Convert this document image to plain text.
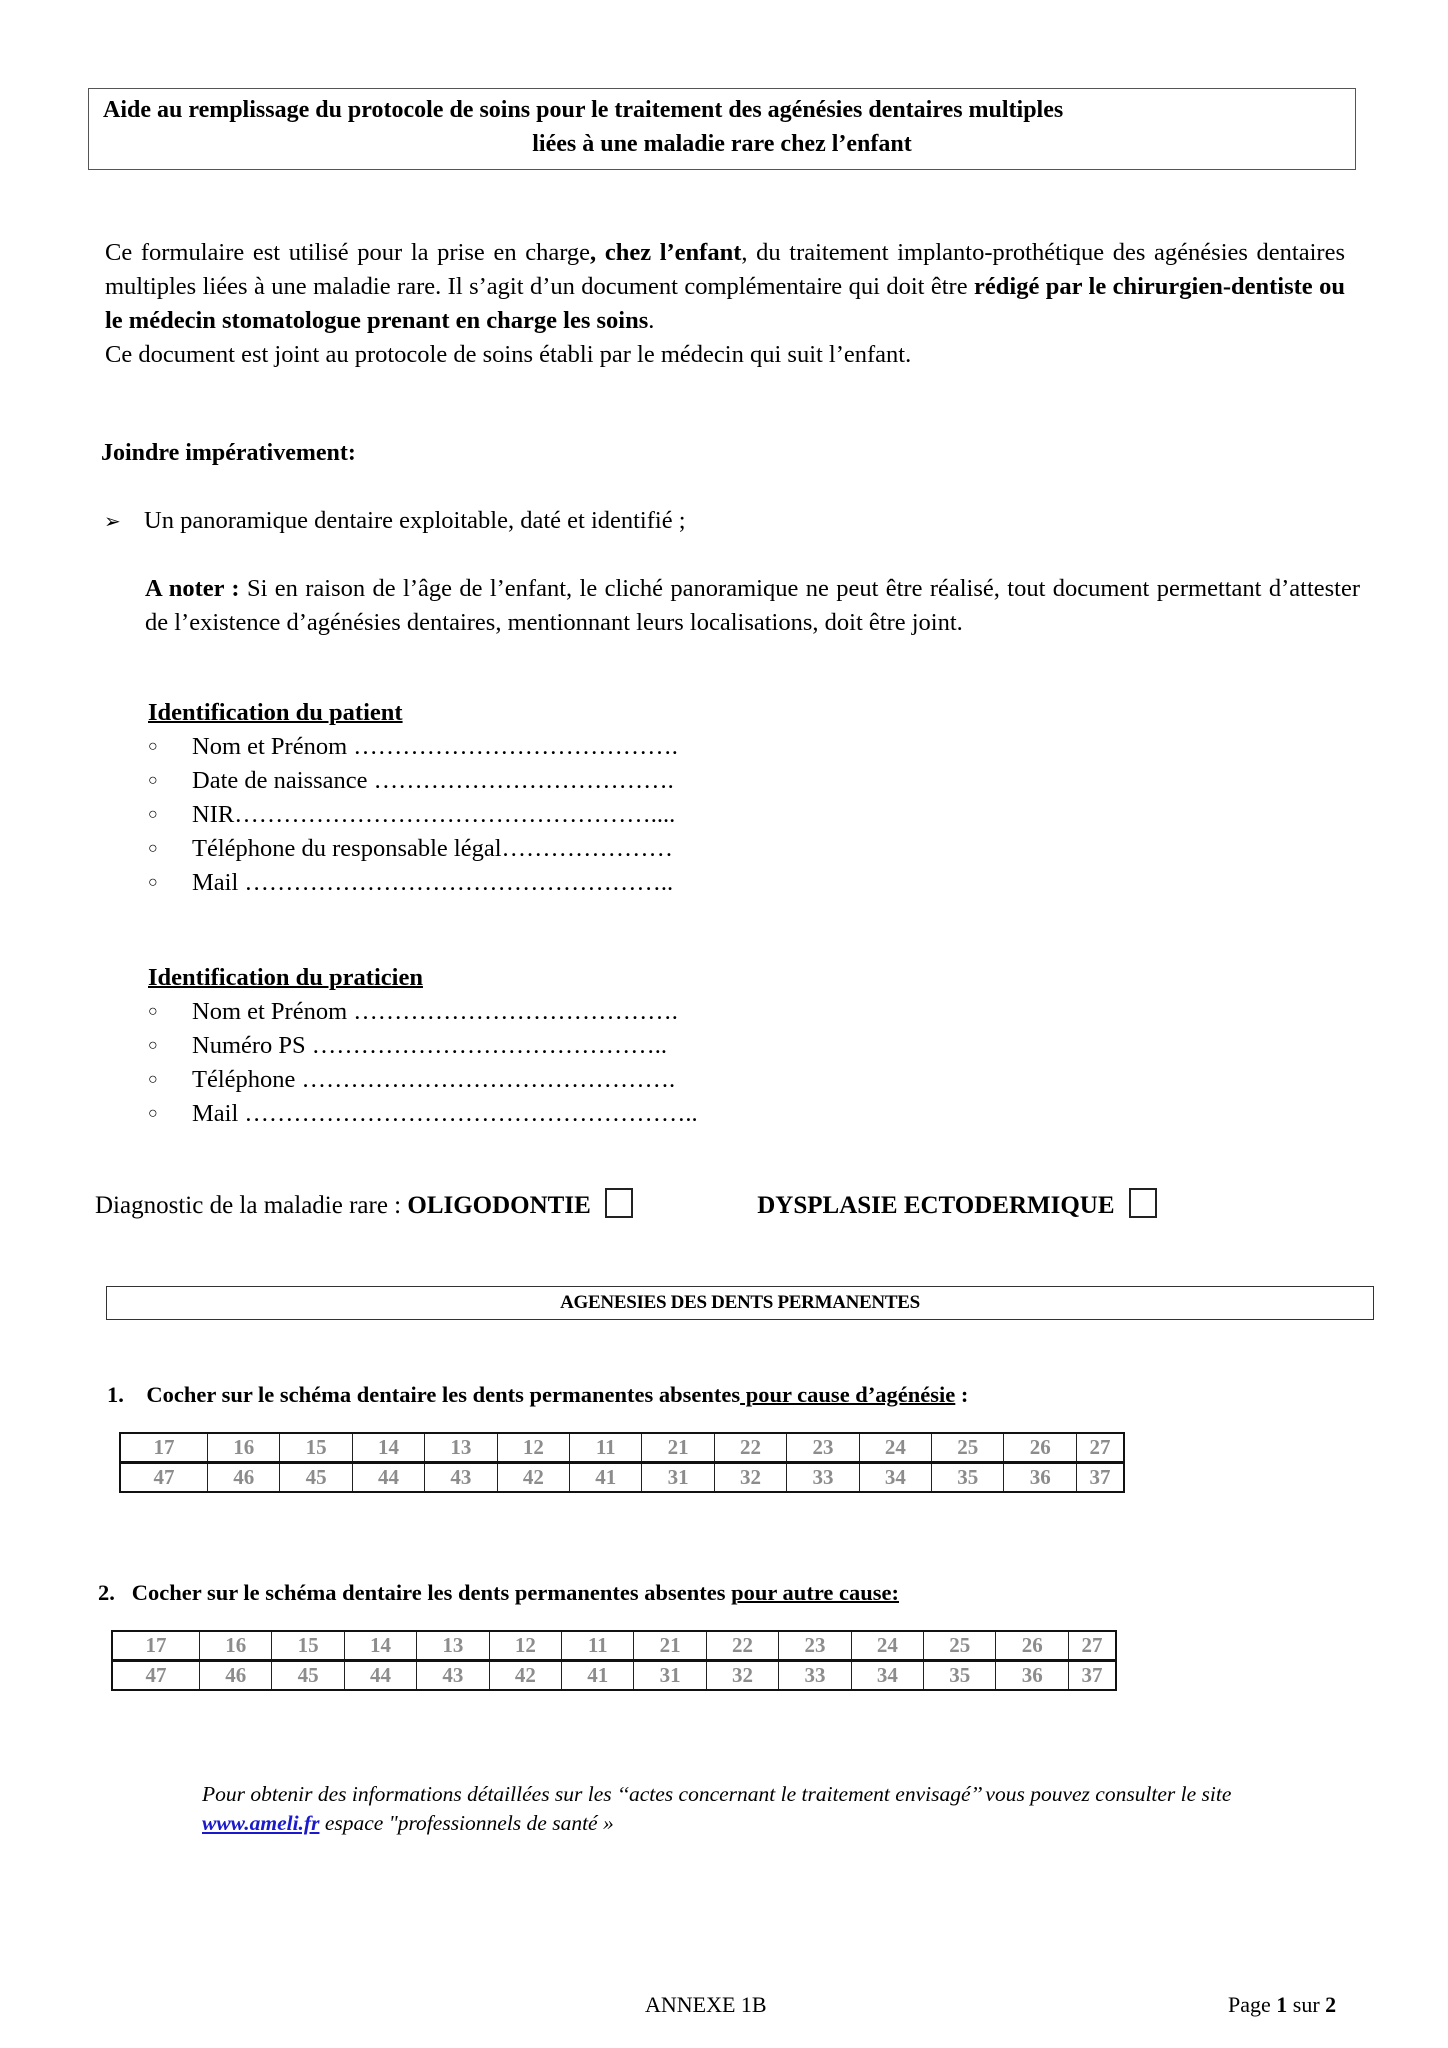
Aide au remplissage du protocole de soins pour le traitement des agénésies dentaires multiples
liées à une maladie rare chez l’enfant
Ce formulaire est utilisé pour la prise en charge, chez l’enfant, du traitement implanto-prothétique des agénésies dentaires multiples liées à une maladie rare. Il s’agit d’un document complémentaire qui doit être rédigé par le chirurgien-dentiste ou le médecin stomatologue prenant en charge les soins.
Ce document est joint au protocole de soins établi par le médecin qui suit l’enfant.
Joindre impérativement:
➢ Un panoramique dentaire exploitable, daté et identifié ;
A noter : Si en raison de l’âge de l’enfant, le cliché panoramique ne peut être réalisé, tout document permettant d’attester de l’existence d’agénésies dentaires, mentionnant leurs localisations, doit être joint.
Identification du patient
○	Nom et Prénom ………………………………….
○	Date de naissance ……………………………….
○	NIR……………………………………………....
○	Téléphone du responsable légal…………………
○	Mail ……………………………………………..
Identification du praticien
○	Nom et Prénom ………………………………….
○	Numéro PS ……………………………………..
○	Téléphone ……………………………………….
○	Mail ………………………………………………..
Diagnostic de la maladie rare : OLIGODONTIE	DYSPLASIE ECTODERMIQUE
AGENESIES DES DENTS PERMANENTES
1. Cocher sur le schéma dentaire les dents permanentes absentes pour cause d’agénésie :
17	16	15	14	13	12	11	21	22	23	24	25	26	27
47	46	45	44	43	42	41	31	32	33	34	35	36	37
2. Cocher sur le schéma dentaire les dents permanentes absentes pour autre cause:
17	16	15	14	13	12	11	21	22	23	24	25	26	27
47	46	45	44	43	42	41	31	32	33	34	35	36	37
Pour obtenir des informations détaillées sur les ‘‘actes concernant le traitement envisagé’’ vous pouvez consulter le site www.ameli.fr espace "professionnels de santé »
ANNEXE 1B	Page 1 sur 2
